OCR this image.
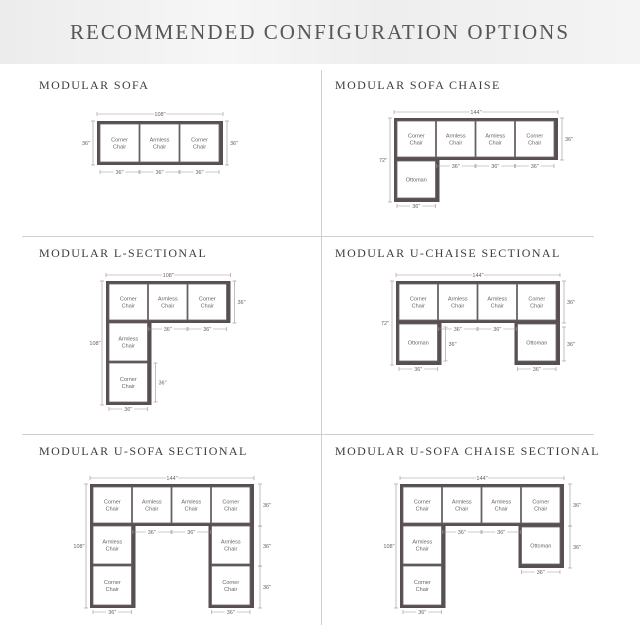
RECOMMENDED CONFIGURATION OPTIONS
MODULAR SOFA	MODULAR SOFA CHAISE
MODULAR L-SECTIONAL	MODULAR U-CHAISE SECTIONAL
MODULAR U-SOFA SECTIONAL	MODULAR U-SOFA CHAISE SECTIONAL
108"
Corner
Chair
Armless
Chair
Corner
Chair
36"	36"
36"	36"	36"
144"
Corner
Chair
Armless
Chair
Armless
Chair
Corner
Chair
Ottoman
36"
72"
36"	36"	36"
36"
108"
Corner
Chair
Armless
Chair
Corner
Chair
Armless
Chair
Corner
Chair
36"
108"
36"	36"
36"
36"
144"
Corner
Chair
Armless
Chair
Armless
Chair
Corner
Chair
Ottoman	Ottoman
36"
72"
36"	36"
36"	36"
36"	36"
144"
Corner
Chair
Armless
Chair
Armless
Chair
Corner
Chair
Armless
Chair
Armless
Chair
Corner
Chair
Corner
Chair
108"
36"
36"
36"
36"	36"
36"	36"
144"
Corner
Chair
Armless
Chair
Armless
Chair
Corner
Chair
Armless
Chair	Ottoman
Corner
Chair
108"
36"
36"
36"	36"
36"
36"
